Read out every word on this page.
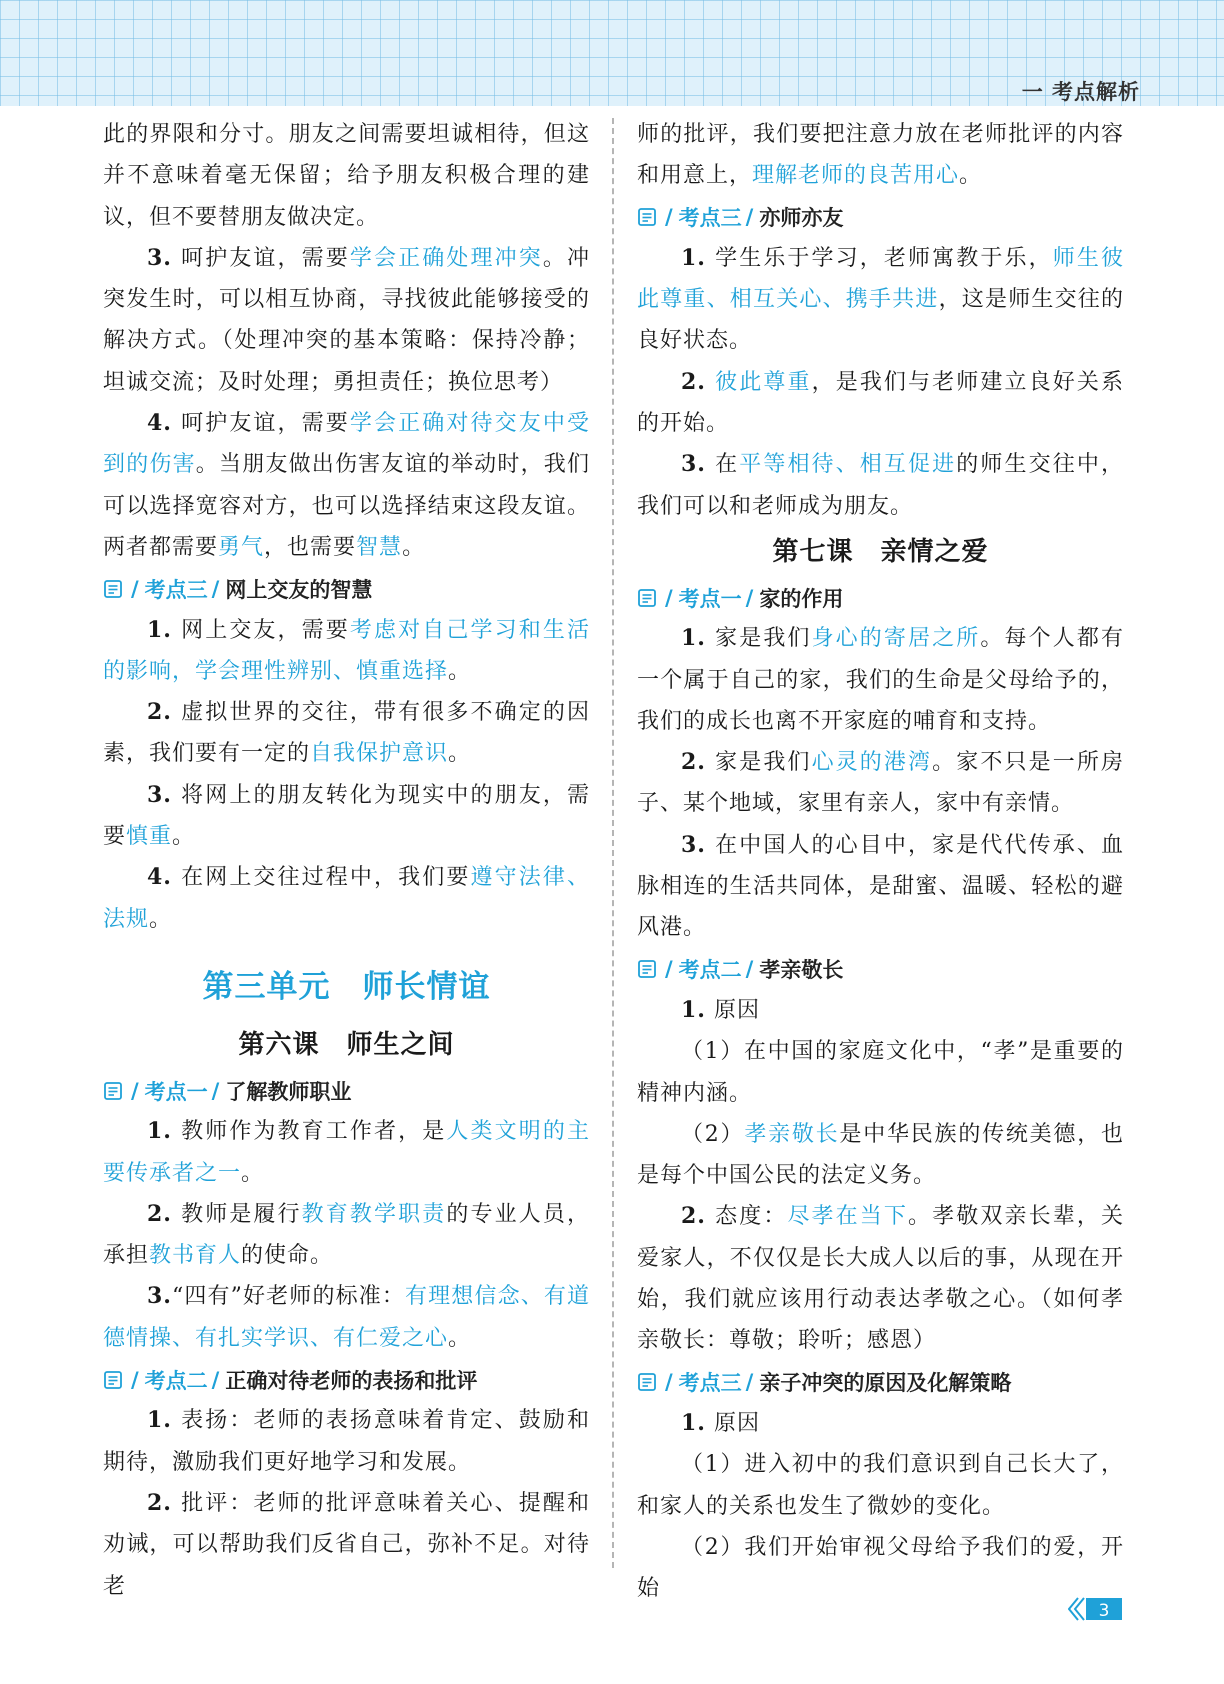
一 考点解析

此的界限和分寸。朋友之间需要坦诚相待，但这并不意味着毫无保留；给予朋友积极合理的建议，但不要替朋友做决定。

3. 呵护友谊，需要学会正确处理冲突。冲突发生时，可以相互协商，寻找彼此能够接受的解决方式。（处理冲突的基本策略：保持冷静；坦诚交流；及时处理；勇担责任；换位思考）

4. 呵护友谊，需要学会正确对待交友中受到的伤害。当朋友做出伤害友谊的举动时，我们可以选择宽容对方，也可以选择结束这段友谊。两者都需要勇气，也需要智慧。

/ 考点三 / 网上交友的智慧

1. 网上交友，需要考虑对自己学习和生活的影响，学会理性辨别、慎重选择。

2. 虚拟世界的交往，带有很多不确定的因素，我们要有一定的自我保护意识。

3. 将网上的朋友转化为现实中的朋友，需要慎重。

4. 在网上交往过程中，我们要遵守法律、法规。

第三单元　师长情谊
第六课　师生之间
/ 考点一 / 了解教师职业

1. 教师作为教育工作者，是人类文明的主要传承者之一。

2. 教师是履行教育教学职责的专业人员，承担教书育人的使命。

3.“四有”好老师的标准：有理想信念、有道德情操、有扎实学识、有仁爱之心。

/ 考点二 / 正确对待老师的表扬和批评

1. 表扬：老师的表扬意味着肯定、鼓励和期待，激励我们更好地学习和发展。

2. 批评：老师的批评意味着关心、提醒和劝诫，可以帮助我们反省自己，弥补不足。对待老

师的批评，我们要把注意力放在老师批评的内容和用意上，理解老师的良苦用心。

/ 考点三 / 亦师亦友

1. 学生乐于学习，老师寓教于乐，师生彼此尊重、相互关心、携手共进，这是师生交往的良好状态。

2. 彼此尊重，是我们与老师建立良好关系的开始。

3. 在平等相待、相互促进的师生交往中，我们可以和老师成为朋友。

第七课　亲情之爱
/ 考点一 / 家的作用

1. 家是我们身心的寄居之所。每个人都有一个属于自己的家，我们的生命是父母给予的，我们的成长也离不开家庭的哺育和支持。

2. 家是我们心灵的港湾。家不只是一所房子、某个地域，家里有亲人，家中有亲情。

3. 在中国人的心目中，家是代代传承、血脉相连的生活共同体，是甜蜜、温暖、轻松的避风港。

/ 考点二 / 孝亲敬长

1. 原因

（1）在中国的家庭文化中，“孝”是重要的精神内涵。

（2）孝亲敬长是中华民族的传统美德，也是每个中国公民的法定义务。

2. 态度：尽孝在当下。孝敬双亲长辈，关爱家人，不仅仅是长大成人以后的事，从现在开始，我们就应该用行动表达孝敬之心。（如何孝亲敬长：尊敬；聆听；感恩）

/ 考点三 / 亲子冲突的原因及化解策略

1. 原因

（1）进入初中的我们意识到自己长大了，和家人的关系也发生了微妙的变化。

（2）我们开始审视父母给予我们的爱，开始

3
